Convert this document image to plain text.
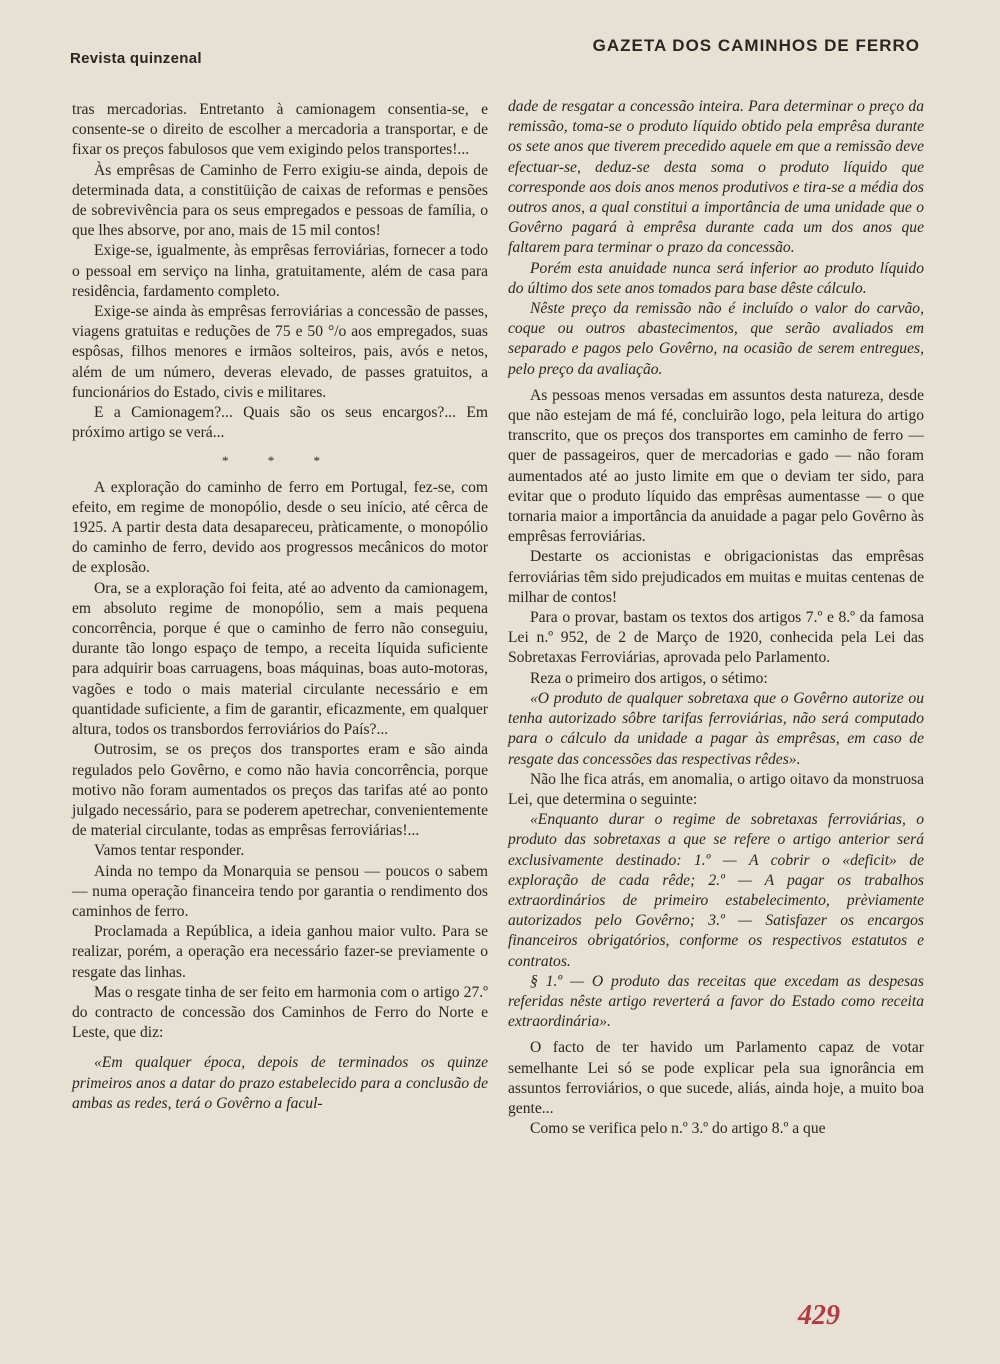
Revista quinzenal
GAZETA DOS CAMINHOS DE FERRO

tras mercadorias. Entretanto à camionagem consentia-se, e consente-se o direito de escolher a mercadoria a transportar, e de fixar os preços fabulosos que vem exigindo pelos transportes!...

Às emprêsas de Caminho de Ferro exigiu-se ainda, depois de determinada data, a constitüição de caixas de reformas e pensões de sobrevivência para os seus empregados e pessoas de família, o que lhes absorve, por ano, mais de 15 mil contos!

Exige-se, igualmente, às emprêsas ferroviárias, fornecer a todo o pessoal em serviço na linha, gratuitamente, além de casa para residência, fardamento completo.

Exige-se ainda às emprêsas ferroviárias a concessão de passes, viagens gratuitas e reduções de 75 e 50 °/o aos empregados, suas espôsas, filhos menores e irmãos solteiros, pais, avós e netos, além de um número, deveras elevado, de passes gratuitos, a funcionários do Estado, civis e militares.

E a Camionagem?... Quais são os seus encargos?... Em próximo artigo se verá...

* * *

A exploração do caminho de ferro em Portugal, fez-se, com efeito, em regime de monopólio, desde o seu início, até cêrca de 1925. A partir desta data desapareceu, pràticamente, o monopólio do caminho de ferro, devido aos progressos mecânicos do motor de explosão.

Ora, se a exploração foi feita, até ao advento da camionagem, em absoluto regime de monopólio, sem a mais pequena concorrência, porque é que o caminho de ferro não conseguiu, durante tão longo espaço de tempo, a receita líquida suficiente para adquirir boas carruagens, boas máquinas, boas auto-motoras, vagões e todo o mais material circulante necessário e em quantidade suficiente, a fim de garantir, eficazmente, em qualquer altura, todos os transbordos ferroviários do País?...

Outrosim, se os preços dos transportes eram e são ainda regulados pelo Govêrno, e como não havia concorrência, porque motivo não foram aumentados os preços das tarifas até ao ponto julgado necessário, para se poderem apetrechar, convenientemente de material circulante, todas as emprêsas ferroviárias!...

Vamos tentar responder.

Ainda no tempo da Monarquia se pensou — poucos o sabem — numa operação financeira tendo por garantia o rendimento dos caminhos de ferro.

Proclamada a República, a ideia ganhou maior vulto. Para se realizar, porém, a operação era necessário fazer-se previamente o resgate das linhas.

Mas o resgate tinha de ser feito em harmonia com o artigo 27.º do contracto de concessão dos Caminhos de Ferro do Norte e Leste, que diz:

«Em qualquer época, depois de terminados os quinze primeiros anos a datar do prazo estabelecido para a conclusão de ambas as redes, terá o Govêrno a facul-

dade de resgatar a concessão inteira. Para determinar o preço da remissão, toma-se o produto líquido obtido pela emprêsa durante os sete anos que tiverem precedido aquele em que a remissão deve efectuar-se, deduz-se desta soma o produto líquido que corresponde aos dois anos menos produtivos e tira-se a média dos outros anos, a qual constitui a importância de uma unidade que o Govêrno pagará à emprêsa durante cada um dos anos que faltarem para terminar o prazo da concessão.

Porém esta anuidade nunca será inferior ao produto líquido do último dos sete anos tomados para base dêste cálculo.

Nêste preço da remissão não é incluído o valor do carvão, coque ou outros abastecimentos, que serão avaliados em separado e pagos pelo Govêrno, na ocasião de serem entregues, pelo preço da avaliação.

As pessoas menos versadas em assuntos desta natureza, desde que não estejam de má fé, concluirão logo, pela leitura do artigo transcrito, que os preços dos transportes em caminho de ferro — quer de passageiros, quer de mercadorias e gado — não foram aumentados até ao justo limite em que o deviam ter sido, para evitar que o produto líquido das emprêsas aumentasse — o que tornaria maior a importância da anuidade a pagar pelo Govêrno às emprêsas ferroviárias.

Destarte os accionistas e obrigacionistas das emprêsas ferroviárias têm sido prejudicados em muitas e muitas centenas de milhar de contos!

Para o provar, bastam os textos dos artigos 7.º e 8.º da famosa Lei n.º 952, de 2 de Março de 1920, conhecida pela Lei das Sobretaxas Ferroviárias, aprovada pelo Parlamento.

Reza o primeiro dos artigos, o sétimo:

«O produto de qualquer sobretaxa que o Govêrno autorize ou tenha autorizado sôbre tarifas ferroviárias, não será computado para o cálculo da unidade a pagar às emprêsas, em caso de resgate das concessões das respectivas rêdes».

Não lhe fica atrás, em anomalia, o artigo oitavo da monstruosa Lei, que determina o seguinte:

«Enquanto durar o regime de sobretaxas ferroviárias, o produto das sobretaxas a que se refere o artigo anterior será exclusivamente destinado: 1.º — A cobrir o «deficit» de exploração de cada rêde; 2.º — A pagar os trabalhos extraordinários de primeiro estabelecimento, prèviamente autorizados pelo Govêrno; 3.º — Satisfazer os encargos financeiros obrigatórios, conforme os respectivos estatutos e contratos.

§ 1.º — O produto das receitas que excedam as despesas referidas nêste artigo reverterá a favor do Estado como receita extraordinária».

O facto de ter havido um Parlamento capaz de votar semelhante Lei só se pode explicar pela sua ignorância em assuntos ferroviários, o que sucede, aliás, ainda hoje, a muito boa gente...

Como se verifica pelo n.º 3.º do artigo 8.º a que

429
